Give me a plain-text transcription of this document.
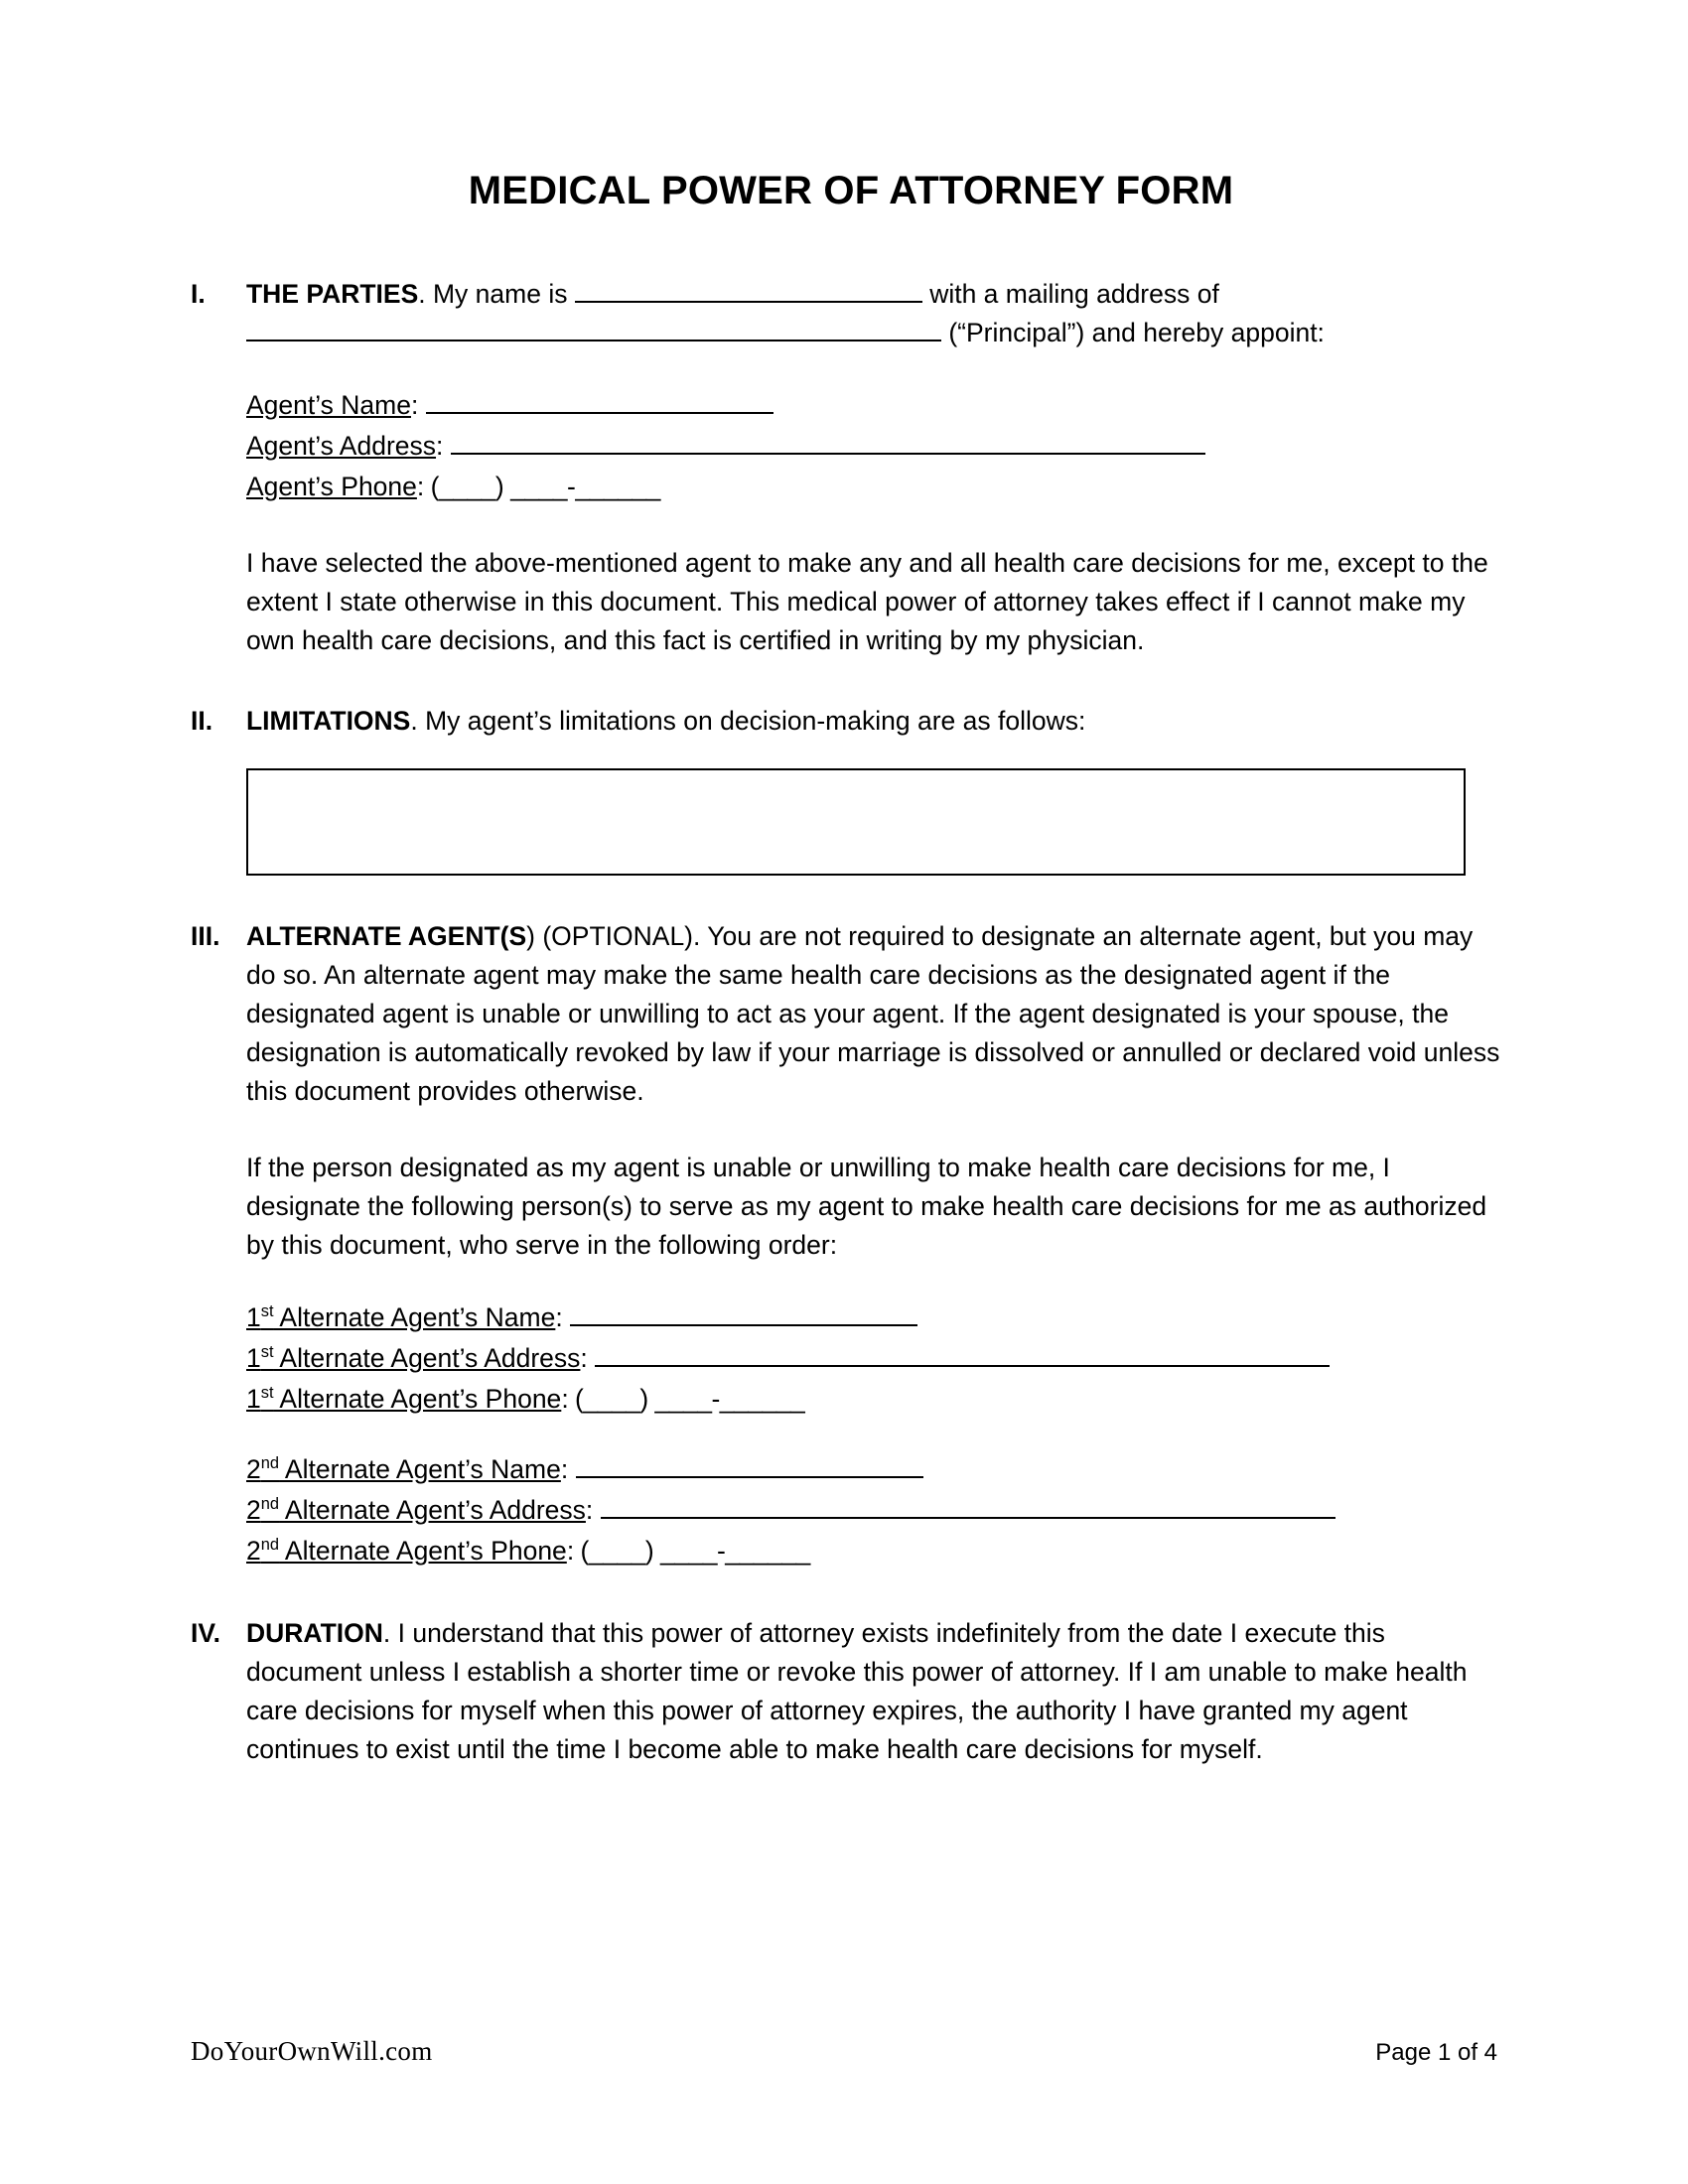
MEDICAL POWER OF ATTORNEY FORM
I.	THE PARTIES. My name is	with a mailing address of
(“Principal”) and hereby appoint:
Agent’s Name:
Agent’s Address:
Agent’s Phone: (____) ____-______
I have selected the above-mentioned agent to make any and all health care decisions for me, except to the extent I state otherwise in this document. This medical power of attorney takes effect if I cannot make my own health care decisions, and this fact is certified in writing by my physician.
II.	LIMITATIONS. My agent’s limitations on decision-making are as follows:
III.	ALTERNATE AGENT(S) (OPTIONAL). You are not required to designate an alternate agent, but you may do so. An alternate agent may make the same health care decisions as the designated agent if the designated agent is unable or unwilling to act as your agent. If the agent designated is your spouse, the designation is automatically revoked by law if your marriage is dissolved or annulled or declared void unless this document provides otherwise.
If the person designated as my agent is unable or unwilling to make health care decisions for me, I designate the following person(s) to serve as my agent to make health care decisions for me as authorized by this document, who serve in the following order:
1st Alternate Agent’s Name:
1st Alternate Agent’s Address:
1st Alternate Agent’s Phone: (____) ____-______
2nd Alternate Agent’s Name:
2nd Alternate Agent’s Address:
2nd Alternate Agent’s Phone: (____) ____-______
IV. DURATION. I understand that this power of attorney exists indefinitely from the date I execute this document unless I establish a shorter time or revoke this power of attorney. If I am unable to make health care decisions for myself when this power of attorney expires, the authority I have granted my agent continues to exist until the time I become able to make health care decisions for myself.
DoYourOwnWill.com	Page 1 of 4
